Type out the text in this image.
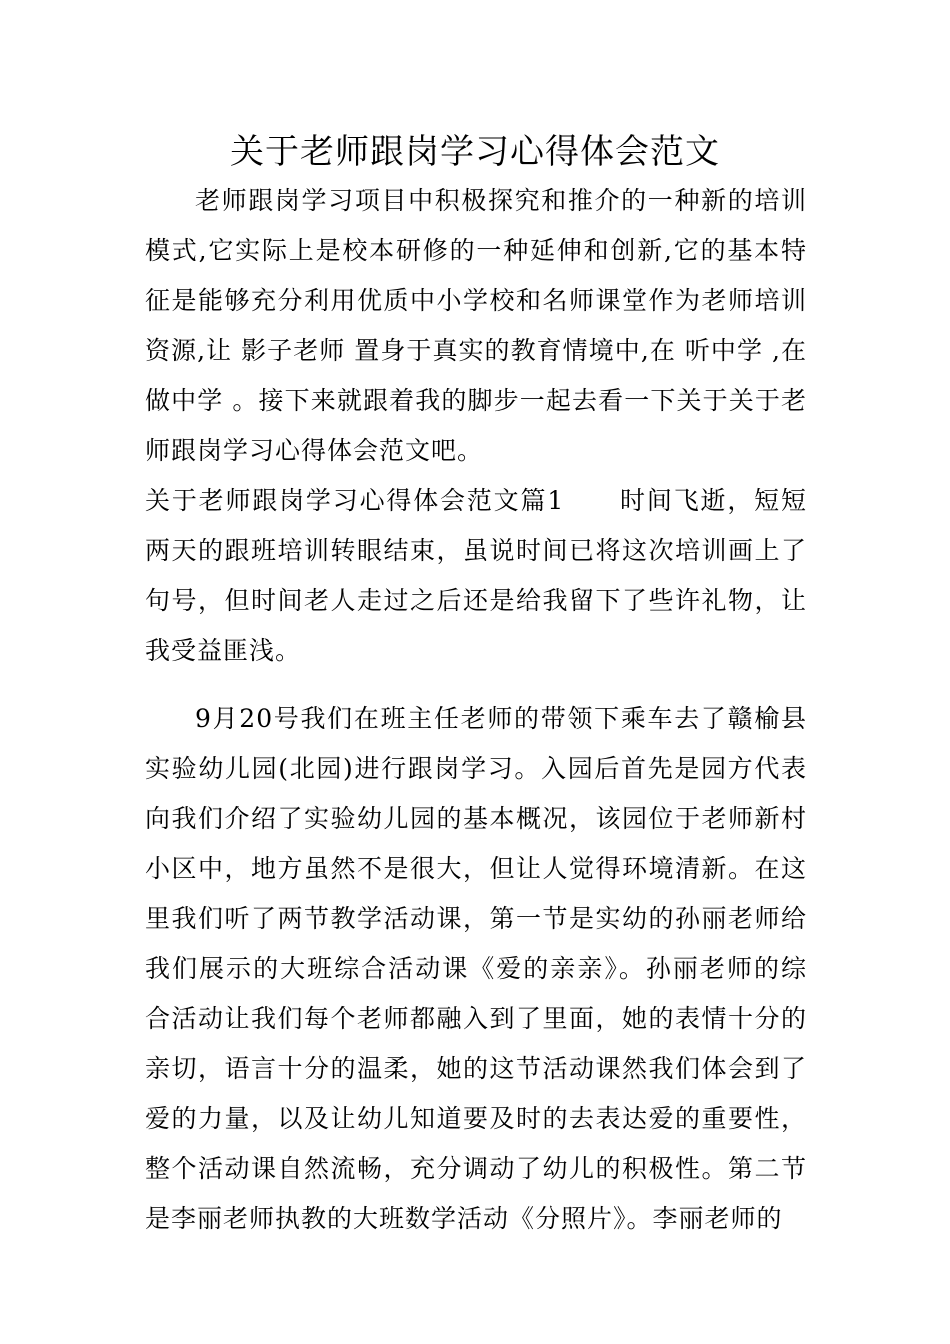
关于老师跟岗学习心得体会范文

老师跟岗学习项目中积极探究和推介的一种新的培训模式,它实际上是校本研修的一种延伸和创新,它的基本特征是能够充分利用优质中小学校和名师课堂作为老师培训资源,让 影子老师 置身于真实的教育情境中,在 听中学 ,在 做中学 。接下来就跟着我的脚步一起去看一下关于关于老师跟岗学习心得体会范文吧。

关于老师跟岗学习心得体会范文篇1 时间飞逝，短短两天的跟班培训转眼结束，虽说时间已将这次培训画上了句号，但时间老人走过之后还是给我留下了些许礼物，让我受益匪浅。

9月20号我们在班主任老师的带领下乘车去了赣榆县实验幼儿园(北园)进行跟岗学习。入园后首先是园方代表向我们介绍了实验幼儿园的基本概况，该园位于老师新村小区中，地方虽然不是很大，但让人觉得环境清新。在这里我们听了两节教学活动课，第一节是实幼的孙丽老师给我们展示的大班综合活动课《爱的亲亲》。孙丽老师的综合活动让我们每个老师都融入到了里面，她的表情十分的亲切，语言十分的温柔，她的这节活动课然我们体会到了爱的力量，以及让幼儿知道要及时的去表达爱的重要性，整个活动课自然流畅，充分调动了幼儿的积极性。第二节是李丽老师执教的大班数学活动《分照片》。李丽老师的
